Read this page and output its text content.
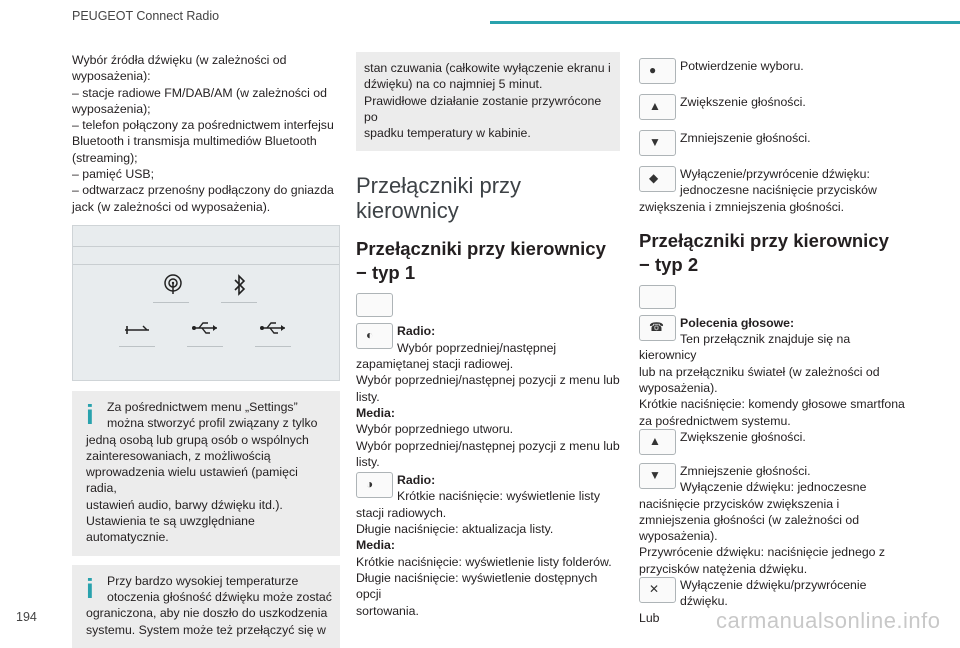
PEUGEOT Connect Radio

Wybór źródła dźwięku (w zależności od
wyposażenia):
– stacje radiowe FM/DAB/AM (w zależności od
wyposażenia);
– telefon połączony za pośrednictwem interfejsu
Bluetooth i transmisja multimediów Bluetooth
(streaming);
– pamięć USB;
– odtwarzacz przenośny podłączony do gniazda
jack (w zależności od wyposażenia).

i	Za pośrednictwem menu „Settings”
można stworzyć profil związany z tylko
jedną osobą lub grupą osób o wspólnych
zainteresowaniach, z możliwością
wprowadzenia wielu ustawień (pamięci radia,
ustawień audio, barwy dźwięku itd.).
Ustawienia te są uwzględniane automatycznie.
i	Przy bardzo wysokiej temperaturze
otoczenia głośność dźwięku może zostać
ograniczona, aby nie doszło do uszkodzenia
systemu. System może też przełączyć się w
stan czuwania (całkowite wyłączenie ekranu i
dźwięku) na co najmniej 5 minut.
Prawidłowe działanie zostanie przywrócone po
spadku temperatury w kabinie.
Przełączniki przy
kierownicy
Przełączniki przy kierownicy
− typ 1
◐ Radio:
Wybór poprzedniej/następnej
zapamiętanej stacji radiowej.
Wybór poprzedniej/następnej pozycji z menu lub
listy.
Media:
Wybór poprzedniego utworu.
Wybór poprzedniej/następnej pozycji z menu lub
listy.
◑ Radio:
Krótkie naciśnięcie: wyświetlenie listy
stacji radiowych.
Długie naciśnięcie: aktualizacja listy.
Media:
Krótkie naciśnięcie: wyświetlenie listy folderów.
Długie naciśnięcie: wyświetlenie dostępnych opcji
sortowania.
● Potwierdzenie wyboru.
▲ Zwiększenie głośności.
▼ Zmniejszenie głośności.
◆ Wyłączenie/przywrócenie dźwięku:
jednoczesne naciśnięcie przycisków
zwiększenia i zmniejszenia głośności.
Przełączniki przy kierownicy
− typ 2
☎ Polecenia głosowe:
Ten przełącznik znajduje się na kierownicy
lub na przełączniku świateł (w zależności od
wyposażenia).
Krótkie naciśnięcie: komendy głosowe smartfona
za pośrednictwem systemu.
▲ Zwiększenie głośności.
▼ Zmniejszenie głośności.
Wyłączenie dźwięku: jednoczesne
naciśnięcie przycisków zwiększenia i
zmniejszenia głośności (w zależności od
wyposażenia).
Przywrócenie dźwięku: naciśnięcie jednego z
przycisków natężenia dźwięku.
✕ Wyłączenie dźwięku/przywrócenie
dźwięku.
Lub
194	carmanualsonline.info
